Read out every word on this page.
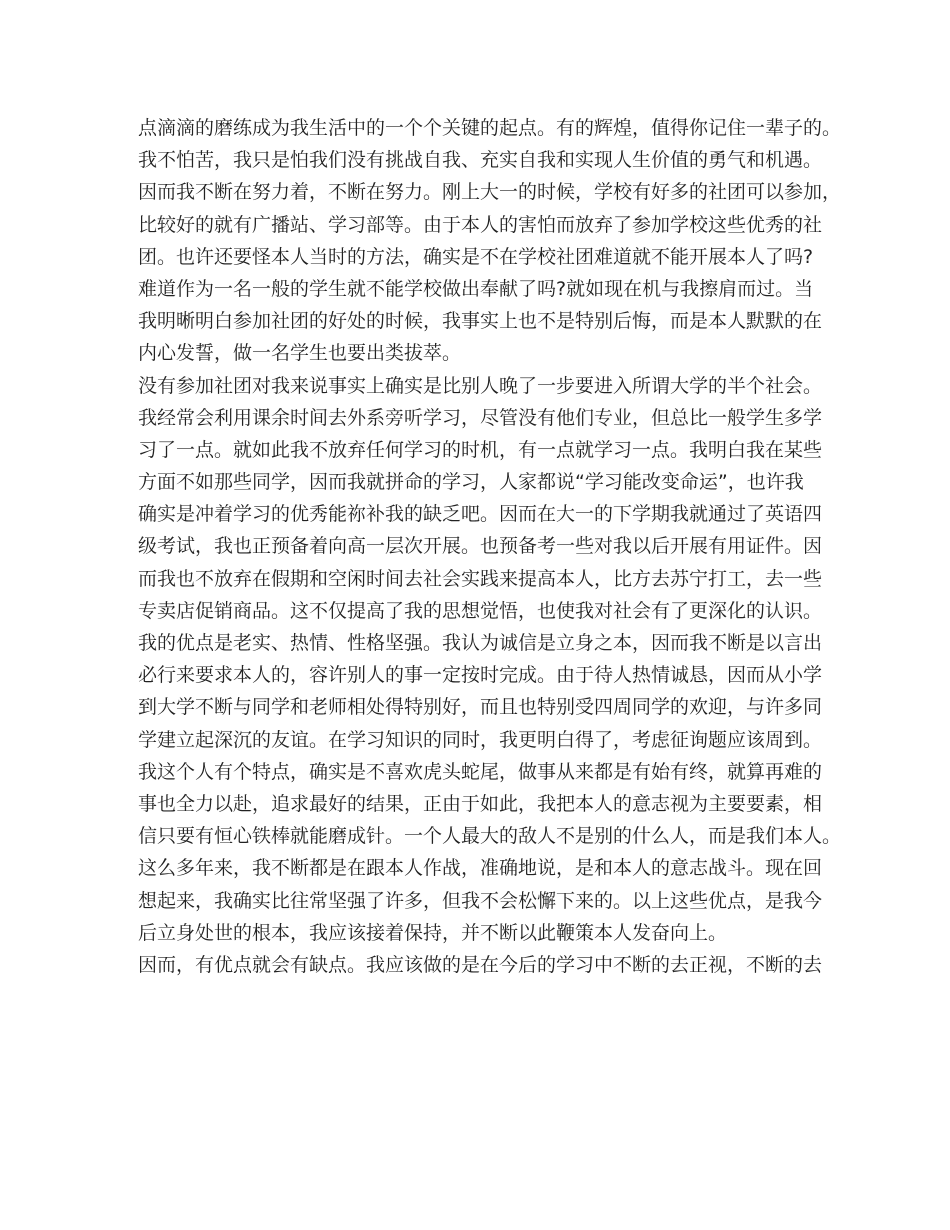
点滴滴的磨练成为我生活中的一个个关键的起点。有的辉煌，值得你记住一辈子的。
我不怕苦，我只是怕我们没有挑战自我、充实自我和实现人生价值的勇气和机遇。
因而我不断在努力着，不断在努力。刚上大一的时候，学校有好多的社团可以参加，
比较好的就有广播站、学习部等。由于本人的害怕而放弃了参加学校这些优秀的社
团。也许还要怪本人当时的方法，确实是不在学校社团难道就不能开展本人了吗?
难道作为一名一般的学生就不能学校做出奉献了吗?就如现在机与我擦肩而过。当
我明晰明白参加社团的好处的时候，我事实上也不是特别后悔，而是本人默默的在
内心发誓，做一名学生也要出类拔萃。
没有参加社团对我来说事实上确实是比别人晚了一步要进入所谓大学的半个社会。
我经常会利用课余时间去外系旁听学习，尽管没有他们专业，但总比一般学生多学
习了一点。就如此我不放弃任何学习的时机，有一点就学习一点。我明白我在某些
方面不如那些同学，因而我就拼命的学习，人家都说“学习能改变命运”，也许我
确实是冲着学习的优秀能祢补我的缺乏吧。因而在大一的下学期我就通过了英语四
级考试，我也正预备着向高一层次开展。也预备考一些对我以后开展有用证件。因
而我也不放弃在假期和空闲时间去社会实践来提高本人，比方去苏宁打工，去一些
专卖店促销商品。这不仅提高了我的思想觉悟，也使我对社会有了更深化的认识。
我的优点是老实、热情、性格坚强。我认为诚信是立身之本，因而我不断是以言出
必行来要求本人的，容许别人的事一定按时完成。由于待人热情诚恳，因而从小学
到大学不断与同学和老师相处得特别好，而且也特别受四周同学的欢迎，与许多同
学建立起深沉的友谊。在学习知识的同时，我更明白得了，考虑征询题应该周到。
我这个人有个特点，确实是不喜欢虎头蛇尾，做事从来都是有始有终，就算再难的
事也全力以赴，追求最好的结果，正由于如此，我把本人的意志视为主要要素，相
信只要有恒心铁棒就能磨成针。一个人最大的敌人不是别的什么人，而是我们本人。
这么多年来，我不断都是在跟本人作战，准确地说，是和本人的意志战斗。现在回
想起来，我确实比往常坚强了许多，但我不会松懈下来的。以上这些优点，是我今
后立身处世的根本，我应该接着保持，并不断以此鞭策本人发奋向上。
因而，有优点就会有缺点。我应该做的是在今后的学习中不断的去正视，不断的去
